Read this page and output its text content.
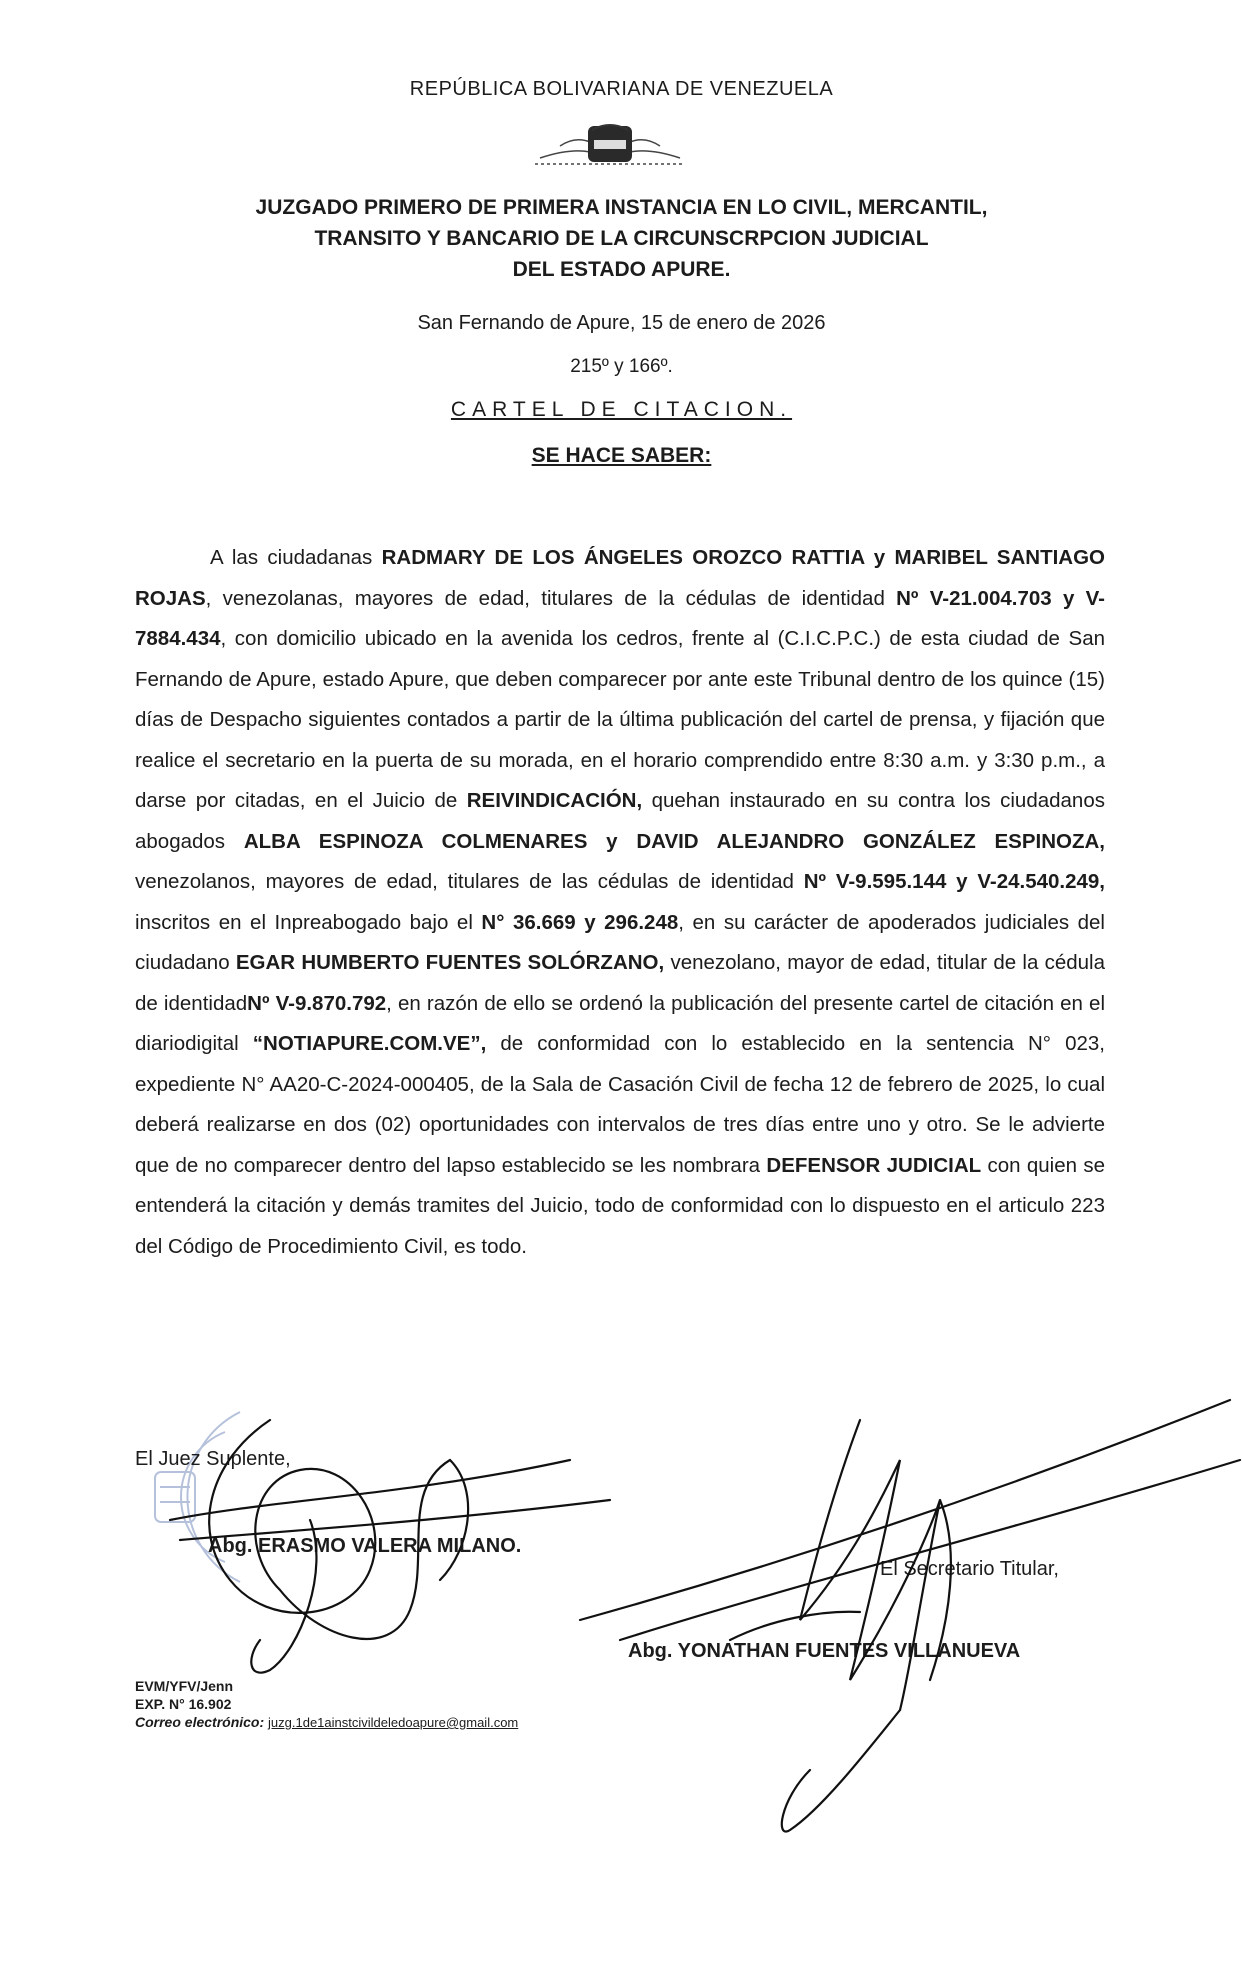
REPÚBLICA BOLIVARIANA DE VENEZUELA
JUZGADO PRIMERO DE PRIMERA INSTANCIA EN LO CIVIL, MERCANTIL,
TRANSITO Y BANCARIO DE LA CIRCUNSCRPCION JUDICIAL
DEL ESTADO APURE.
San Fernando de Apure, 15 de enero de 2026
215º y 166º.
CARTEL DE CITACION.
SE HACE SABER:
A las ciudadanas RADMARY DE LOS ÁNGELES OROZCO RATTIA y MARIBEL SANTIAGO ROJAS, venezolanas, mayores de edad, titulares de la cédulas de identidad Nº V-21.004.703 y V-7884.434, con domicilio ubicado en la avenida los cedros, frente al (C.I.C.P.C.) de esta ciudad de San Fernando de Apure, estado Apure, que deben comparecer por ante este Tribunal dentro de los quince (15) días de Despacho siguientes contados a partir de la última publicación del cartel de prensa, y fijación que realice el secretario en la puerta de su morada, en el horario comprendido entre 8:30 a.m. y 3:30 p.m., a darse por citadas, en el Juicio de REIVINDICACIÓN, quehan instaurado en su contra los ciudadanos abogados ALBA ESPINOZA COLMENARES y DAVID ALEJANDRO GONZÁLEZ ESPINOZA, venezolanos, mayores de edad, titulares de las cédulas de identidad Nº V-9.595.144 y V-24.540.249, inscritos en el Inpreabogado bajo el N° 36.669 y 296.248, en su carácter de apoderados judiciales del ciudadano EGAR HUMBERTO FUENTES SOLÓRZANO, venezolano, mayor de edad, titular de la cédula de identidadNº V-9.870.792, en razón de ello se ordenó la publicación del presente cartel de citación en el diariodigital “NOTIAPURE.COM.VE”, de conformidad con lo establecido en la sentencia N° 023, expediente N° AA20-C-2024-000405, de la Sala de Casación Civil de fecha 12 de febrero de 2025, lo cual deberá realizarse en dos (02) oportunidades con intervalos de tres días entre uno y otro. Se le advierte que de no comparecer dentro del lapso establecido se les nombrara DEFENSOR JUDICIAL con quien se entenderá la citación y demás tramites del Juicio, todo de conformidad con lo dispuesto en el articulo 223 del Código de Procedimiento Civil, es todo.
El Juez Suplente,
Abg. ERASMO VALERA MILANO.
El Secretario Titular,
Abg. YONATHAN FUENTES VILLANUEVA
EVM/YFV/Jenn
EXP. N° 16.902
Correo electrónico: juzg.1de1ainstcivildeledoapure@gmail.com
